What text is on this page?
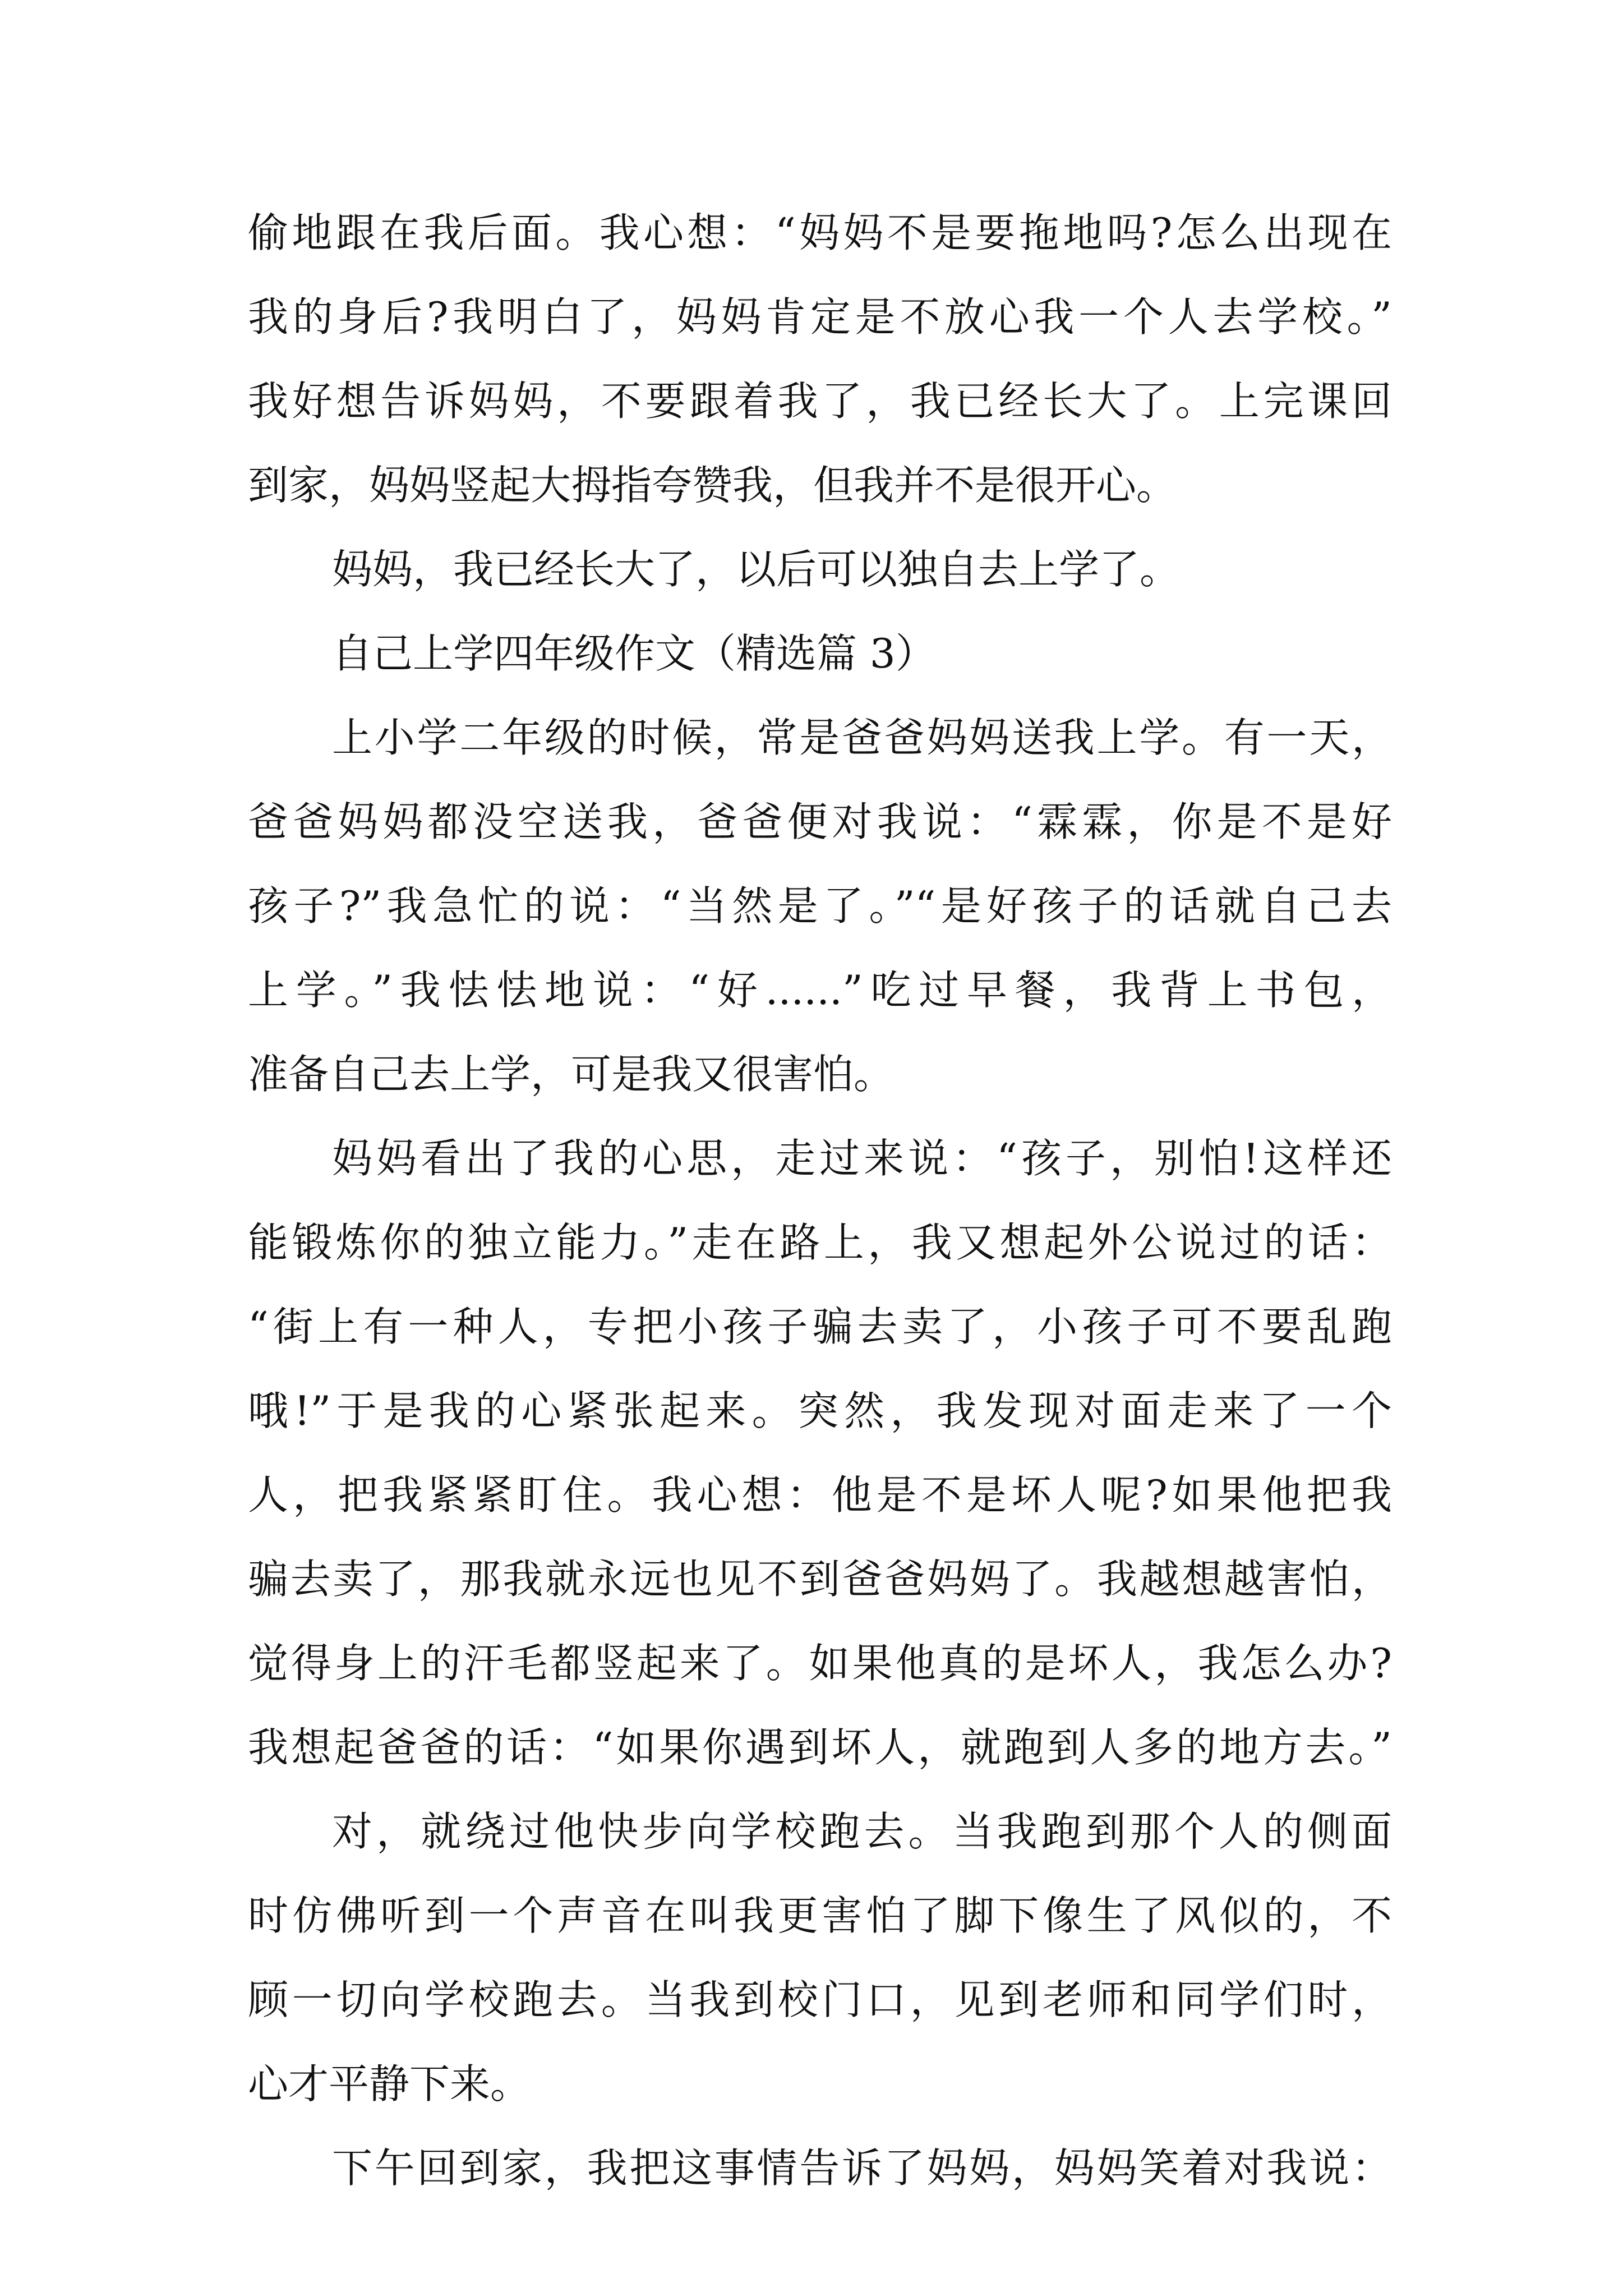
偷地跟在我后面。我心想：“妈妈不是要拖地吗?怎么出现在
我的身后?我明白了，妈妈肯定是不放心我一个人去学校。”
我好想告诉妈妈，不要跟着我了，我已经长大了。上完课回
到家，妈妈竖起大拇指夸赞我，但我并不是很开心。
妈妈，我已经长大了，以后可以独自去上学了。
自己上学四年级作文（精选篇 3）
上小学二年级的时候，常是爸爸妈妈送我上学。有一天，
爸爸妈妈都没空送我，爸爸便对我说：“霖霖，你是不是好
孩子?”我急忙的说：“当然是了。”“是好孩子的话就自己去
上学。”我怯怯地说：“好......”吃过早餐，我背上书包，
准备自己去上学，可是我又很害怕。
妈妈看出了我的心思，走过来说：“孩子，别怕!这样还
能锻炼你的独立能力。”走在路上，我又想起外公说过的话：
“街上有一种人，专把小孩子骗去卖了，小孩子可不要乱跑
哦!”于是我的心紧张起来。突然，我发现对面走来了一个
人，把我紧紧盯住。我心想：他是不是坏人呢?如果他把我
骗去卖了，那我就永远也见不到爸爸妈妈了。我越想越害怕，
觉得身上的汗毛都竖起来了。如果他真的是坏人，我怎么办?
我想起爸爸的话：“如果你遇到坏人，就跑到人多的地方去。”
对，就绕过他快步向学校跑去。当我跑到那个人的侧面
时仿佛听到一个声音在叫我更害怕了脚下像生了风似的，不
顾一切向学校跑去。当我到校门口，见到老师和同学们时，
心才平静下来。
下午回到家，我把这事情告诉了妈妈，妈妈笑着对我说：
